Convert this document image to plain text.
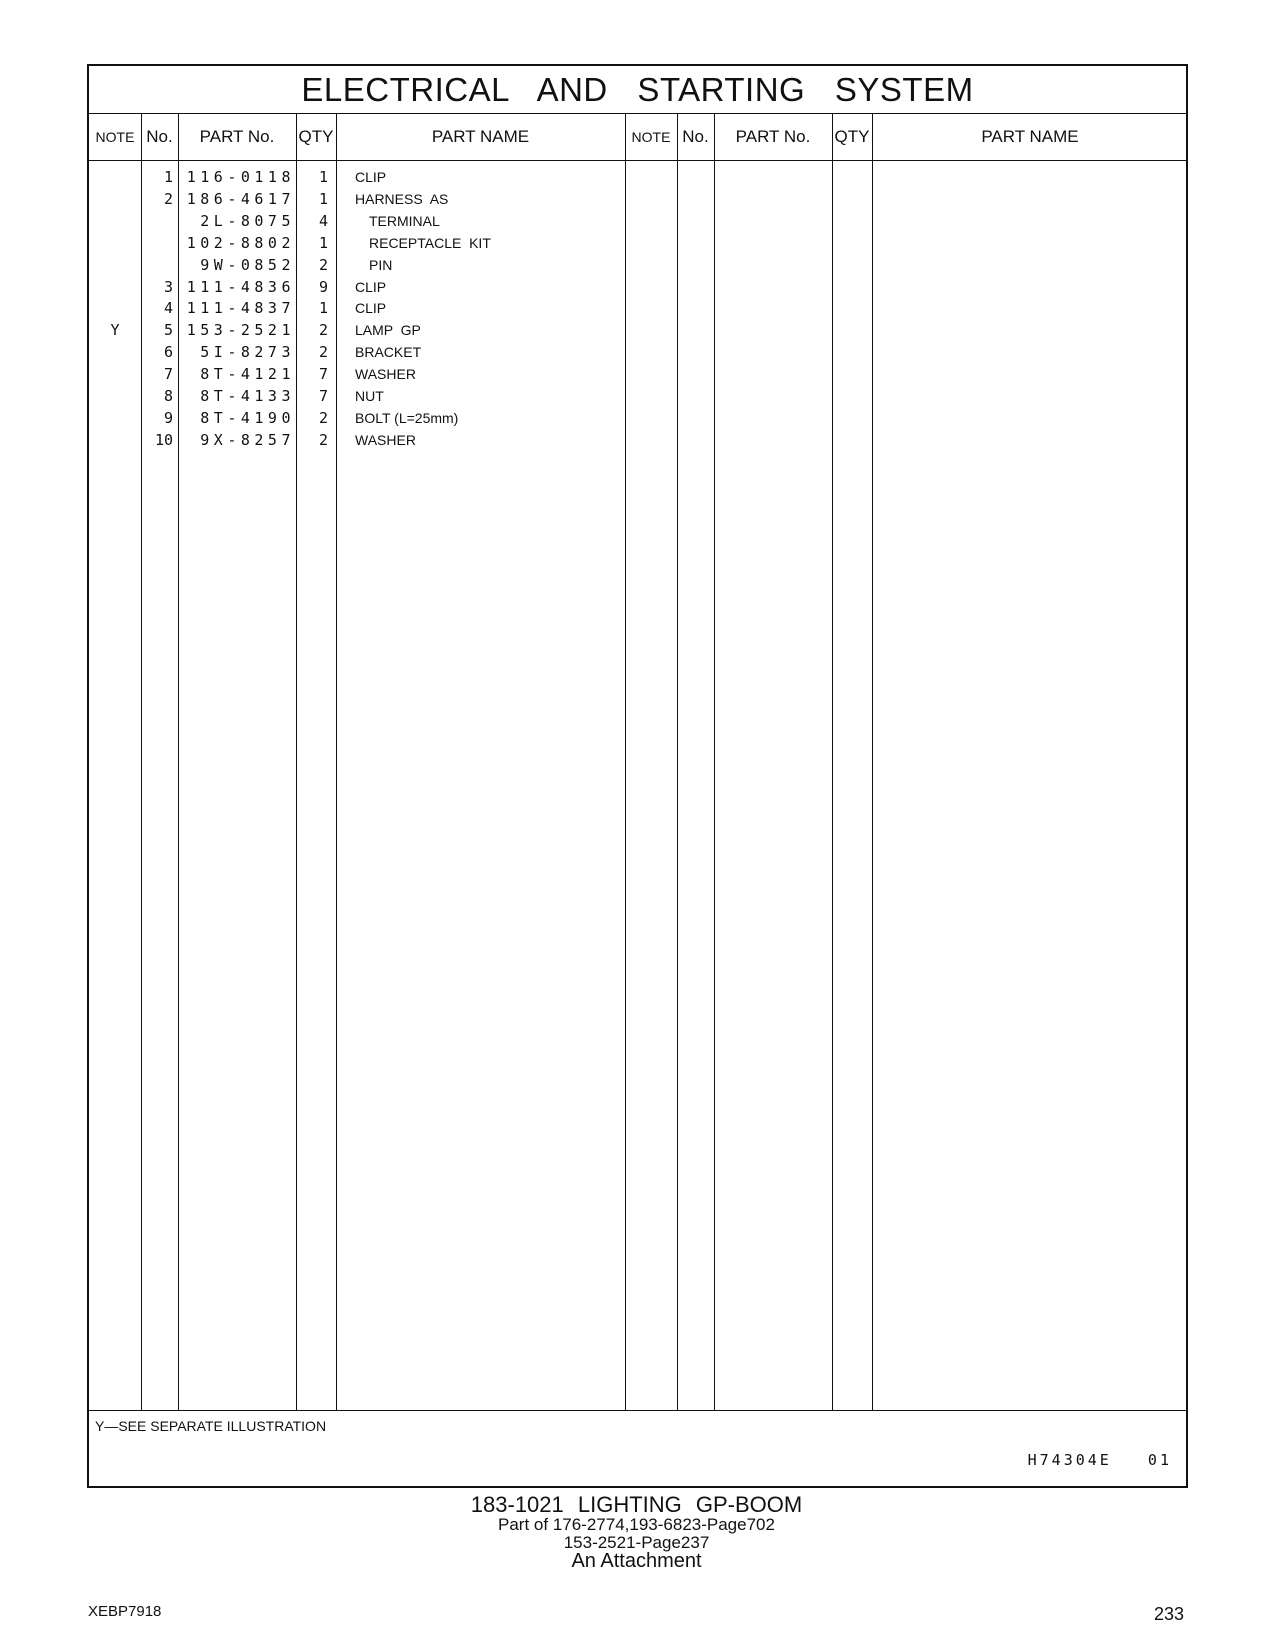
ELECTRICAL AND STARTING SYSTEM
NOTE No.	PART No.	QTY	PART NAME	NOTE No.	PART No.	QTY	PART NAME
1 116-0118	1 CLIP
2 186-4617	1 HARNESS  AS
2L-8075	4	TERMINAL
102-8802	1	RECEPTACLE  KIT
9W-0852	2	PIN
3 111-4836	9 CLIP
4 111-4837	1 CLIP
Y	5 153-2521	2 LAMP  GP
6	5I-8273	2 BRACKET
7	8T-4121	7 WASHER
8	8T-4133	7 NUT
9	8T-4190	2 BOLT (L=25mm)
10	9X-8257	2 WASHER
Y—SEE SEPARATE ILLUSTRATION
H74304E   01
183-1021 LIGHTING GP-BOOM
Part of 176-2774,193-6823-Page702
153-2521-Page237
An Attachment
XEBP7918	233
